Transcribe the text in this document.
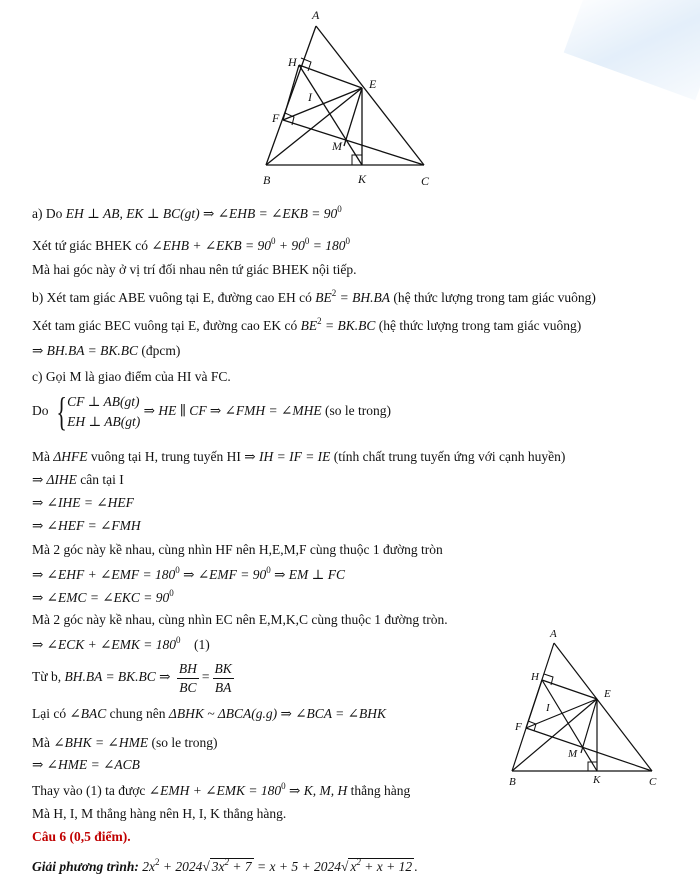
A
H
E
I
F
M
B	K	C
A
H
E
I
F
M
B	K	C
a) Do EH ⊥ AB, EK ⊥ BC(gt) ⇒ ∠EHB = ∠EKB = $90^0$
Xét tứ giác BHEK có ∠EHB + ∠EKB = $90^0 + 90^0 = 180^0$
Mà hai góc này ở vị trí đối nhau nên tứ giác BHEK nội tiếp.
b) Xét tam giác ABE vuông tại E, đường cao EH có $BE^2 = BH.BA$ (hệ thức lượng trong tam giác vuông)
Xét tam giác BEC vuông tại E, đường cao EK có $BE^2 = BK.BC$ (hệ thức lượng trong tam giác vuông)
⇒ BH.BA = BK.BC (đpcm)
c) Gọi M là giao điểm của HI và FC.
Do {CF ⊥ AB(gt)
EH ⊥ AB(gt) ⇒ HE ∥ CF ⇒ ∠FMH = ∠MHE (so le trong)
Mà ΔHFE vuông tại H, trung tuyến HI ⇒ IH = IF = IE (tính chất trung tuyến ứng với cạnh huyền)
⇒ ΔIHE cân tại I
⇒ ∠IHE = ∠HEF
⇒ ∠HEF = ∠FMH
Mà 2 góc này kề nhau, cùng nhìn HF nên H,E,M,F cùng thuộc 1 đường tròn
⇒ ∠EHF + ∠EMF = $180^0$ ⇒ ∠EMF = $90^0$ ⇒ EM ⊥ FC
⇒ ∠EMC = ∠EKC = $90^0$
Mà 2 góc này kề nhau, cùng nhìn EC nên E,M,K,C cùng thuộc 1 đường tròn.
⇒ ∠ECK + ∠EMK = $180^0$    (1)
Từ b, BH.BA = BK.BC ⇒ $\frac{BH}{BC} = \frac{BK}{BA}$
Lại có ∠BAC chung nên ΔBHK ~ ΔBCA(g.g) ⇒ ∠BCA = ∠BHK
Mà ∠BHK = ∠HME (so le trong)
⇒ ∠HME = ∠ACB
Thay vào (1) ta được ∠EMH + ∠EMK = $180^0$ ⇒ K, M, H thẳng hàng
Mà H, I, M thẳng hàng nên H, I, K thẳng hàng.
Câu 6 (0,5 điểm).
Giải phương trình: $2x^2 + 2024√$ $3x^2 + 7 = x + 5 + 2024√$ $x^2 + x + 12$ .
